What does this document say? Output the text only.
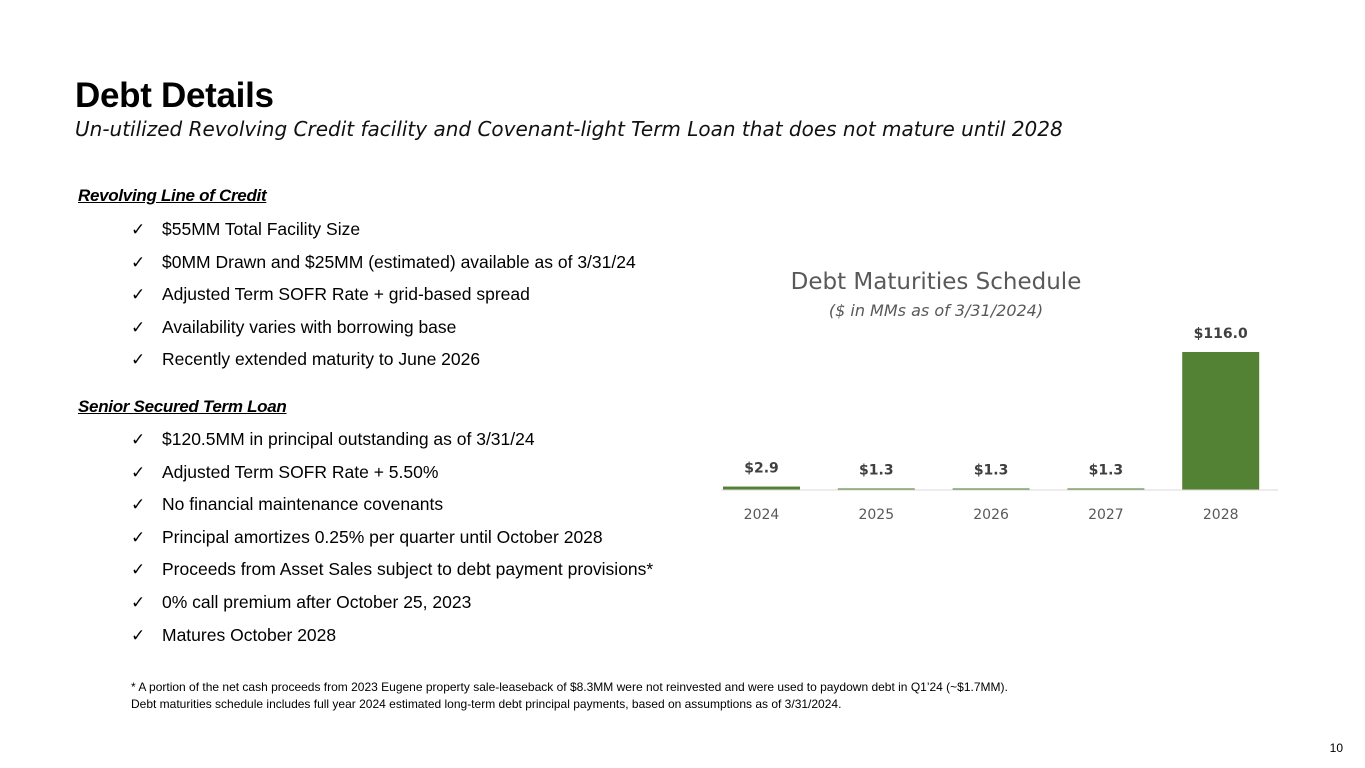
Debt Details
Un-utilized Revolving Credit facility and Covenant-light Term Loan that does not mature until 2028
Revolving Line of Credit
✓ $55MM Total Facility Size
✓ $0MM Drawn and $25MM (estimated) available as of 3/31/24
✓ Adjusted Term SOFR Rate + grid-based spread
✓ Availability varies with borrowing base
✓ Recently extended maturity to June 2026
Senior Secured Term Loan
✓ $120.5MM in principal outstanding as of 3/31/24
✓ Adjusted Term SOFR Rate + 5.50%
✓ No financial maintenance covenants
✓ Principal amortizes 0.25% per quarter until October 2028
✓ Proceeds from Asset Sales subject to debt payment provisions*
✓ 0% call premium after October 25, 2023
✓ Matures October 2028
Debt Maturities Schedule
($ in MMs as of 3/31/2024)
$2.9
2024
$1.3
2025
$1.3
2026
$1.3
2027
$116.0
2028
* A portion of the net cash proceeds from 2023 Eugene property sale-leaseback of $8.3MM were not reinvested and were used to paydown debt in Q1’24 (~$1.7MM).
Debt maturities schedule includes full year 2024 estimated long-term debt principal payments, based on assumptions as of 3/31/2024.
10
